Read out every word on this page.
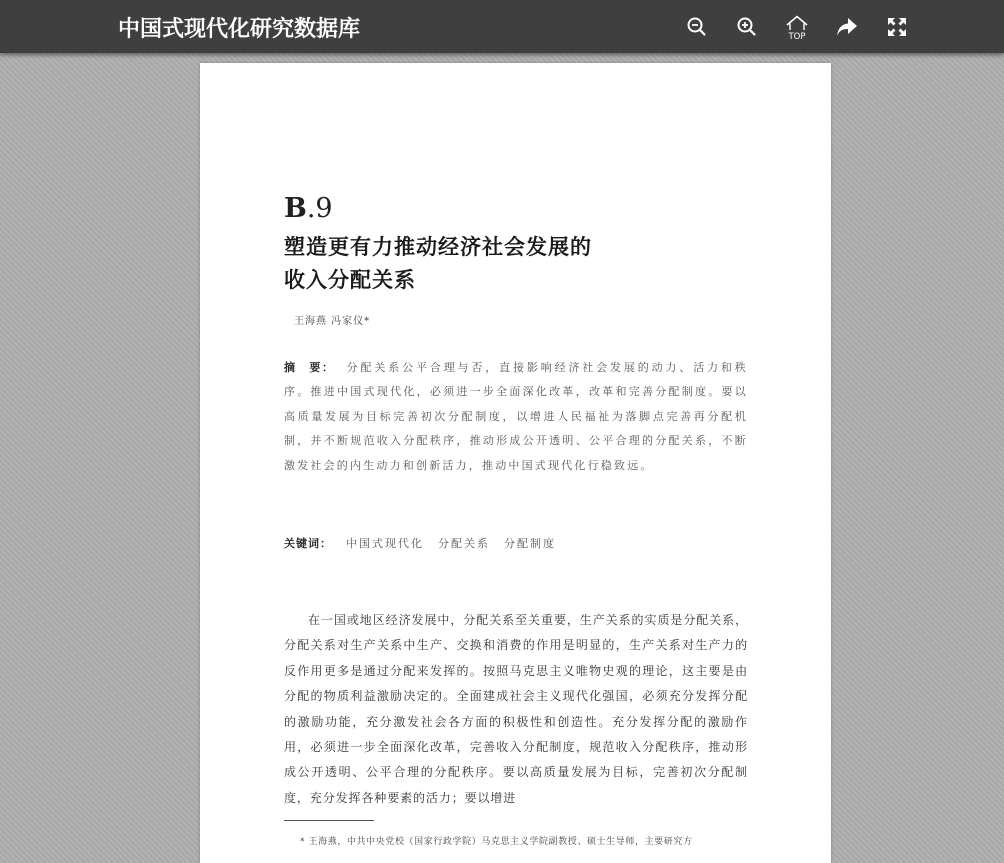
中国式现代化研究数据库	TOP
B.9
塑造更有力推动经济社会发展的
收入分配关系
王海燕 冯家仪*
摘　要： 分配关系公平合理与否，直接影响经济社会发展的动力、活力和秩序。推进中国式现代化，必须进一步全面深化改革，改革和完善分配制度。要以高质量发展为目标完善初次分配制度，以增进人民福祉为落脚点完善再分配机制，并不断规范收入分配秩序，推动形成公开透明、公平合理的分配关系，不断激发社会的内生动力和创新活力，推动中国式现代化行稳致远。
关键词： 中国式现代化 分配关系 分配制度
在一国或地区经济发展中，分配关系至关重要，生产关系的实质是分配关系，分配关系对生产关系中生产、交换和消费的作用是明显的，生产关系对生产力的反作用更多是通过分配来发挥的。按照马克思主义唯物史观的理论，这主要是由分配的物质利益激励决定的。全面建成社会主义现代化强国，必须充分发挥分配的激励功能，充分激发社会各方面的积极性和创造性。充分发挥分配的激励作用，必须进一步全面深化改革，完善收入分配制度，规范收入分配秩序，推动形成公开透明、公平合理的分配秩序。要以高质量发展为目标，完善初次分配制度，充分发挥各种要素的活力；要以增进
* 王海燕，中共中央党校（国家行政学院）马克思主义学院副教授、硕士生导师，主要研究方
